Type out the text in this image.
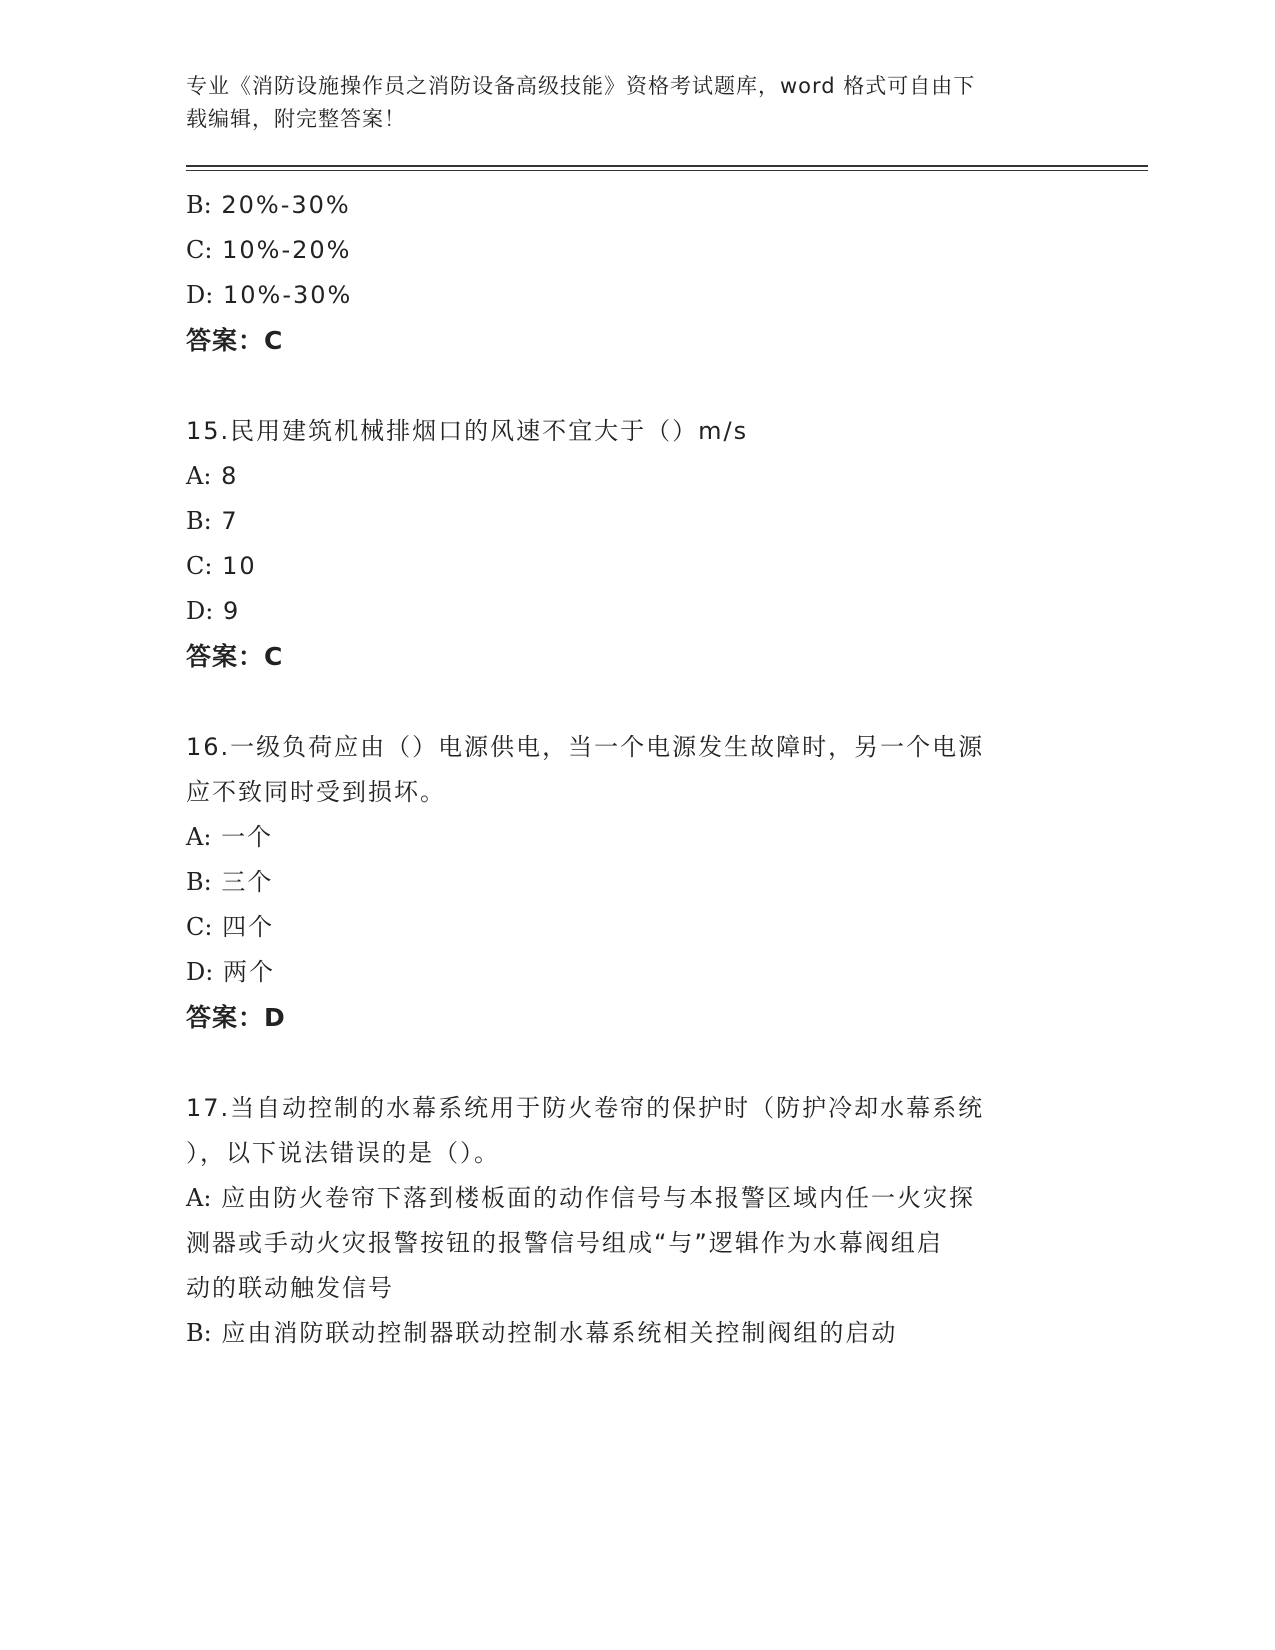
专业《消防设施操作员之消防设备高级技能》资格考试题库，word 格式可自由下
载编辑，附完整答案！
B: 20%-30%
C: 10%-20%
D: 10%-30%
答案：C
15.民用建筑机械排烟口的风速不宜大于（）m/s
A: 8
B: 7
C: 10
D: 9
答案：C
16.一级负荷应由（）电源供电，当一个电源发生故障时，另一个电源
应不致同时受到损坏。
A: 一个
B: 三个
C: 四个
D: 两个
答案：D
17.当自动控制的水幕系统用于防火卷帘的保护时（防护冷却水幕系统
），以下说法错误的是（）。
A: 应由防火卷帘下落到楼板面的动作信号与本报警区域内任一火灾探
测器或手动火灾报警按钮的报警信号组成“与”逻辑作为水幕阀组启
动的联动触发信号
B: 应由消防联动控制器联动控制水幕系统相关控制阀组的启动
